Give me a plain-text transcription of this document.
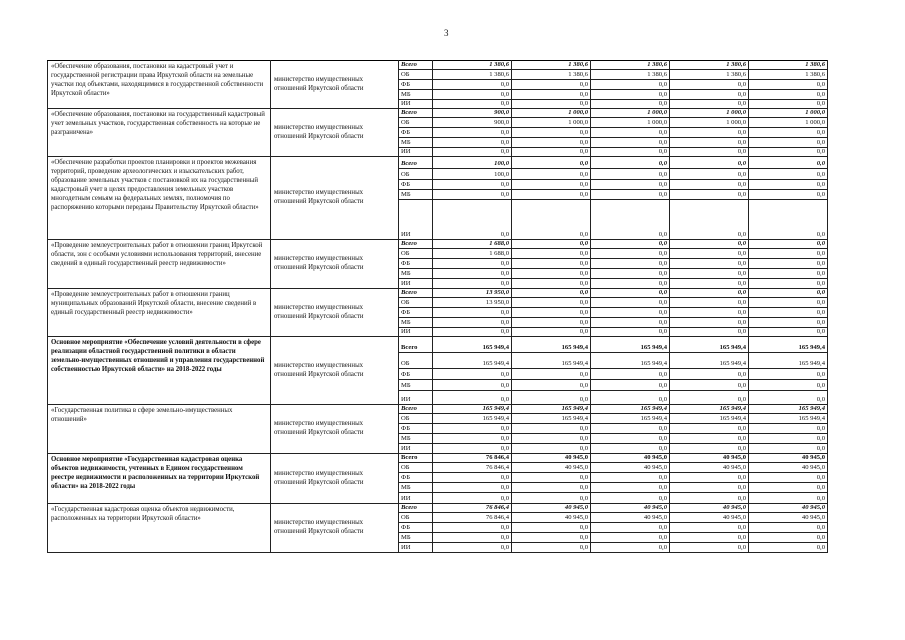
3
«Обеспечение образования, постановки на кадастровый учет и государственной регистрации права Иркутской области на земельные участки под объектами, находящимися в государственной собственности Иркутской области»	министерство имущественных отношений Иркутской области	Всего	1 380,6	1 380,6	1 380,6	1 380,6	1 380,6
		ОБ	1 380,6	1 380,6	1 380,6	1 380,6	1 380,6
		ФБ	0,0	0,0	0,0	0,0	0,0
		МБ	0,0	0,0	0,0	0,0	0,0
		ИИ	0,0	0,0	0,0	0,0	0,0
«Обеспечение образования, постановки на государственный кадастровый учет земельных участков, государственная собственность на которые не разграничена»	министерство имущественных отношений Иркутской области	Всего	900,0	1 000,0	1 000,0	1 000,0	1 000,0
		ОБ	900,0	1 000,0	1 000,0	1 000,0	1 000,0
		ФБ	0,0	0,0	0,0	0,0	0,0
		МБ	0,0	0,0	0,0	0,0	0,0
		ИИ	0,0	0,0	0,0	0,0	0,0
«Обеспечение разработки проектов планировки и проектов межевания территорий, проведение археологических и изыскательских работ, образование земельных участков с постановкой их на государственный кадастровый учет в целях предоставления земельных участков многодетным семьям на федеральных землях, полномочия по распоряжению которыми переданы Правительству Иркутской области»	министерство имущественных отношений Иркутской области	Всего	100,0	0,0	0,0	0,0	0,0
		ОБ	100,0	0,0	0,0	0,0	0,0
		ФБ	0,0	0,0	0,0	0,0	0,0
		МБ	0,0	0,0	0,0	0,0	0,0
		ИИ	0,0	0,0	0,0	0,0	0,0
«Проведение землеустроительных работ в отношении границ Иркутской области, зон с особыми условиями использования территорий, внесение сведений в единый государственный реестр недвижимости»	министерство имущественных отношений Иркутской области	Всего	1 688,0	0,0	0,0	0,0	0,0
		ОБ	1 688,0	0,0	0,0	0,0	0,0
		ФБ	0,0	0,0	0,0	0,0	0,0
		МБ	0,0	0,0	0,0	0,0	0,0
		ИИ	0,0	0,0	0,0	0,0	0,0
«Проведение землеустроительных работ в отношении границ муниципальных образований Иркутской области, внесение сведений в единый государственный реестр недвижимости»	министерство имущественных отношений Иркутской области	Всего	13 950,0	0,0	0,0	0,0	0,0
		ОБ	13 950,0	0,0	0,0	0,0	0,0
		ФБ	0,0	0,0	0,0	0,0	0,0
		МБ	0,0	0,0	0,0	0,0	0,0
		ИИ	0,0	0,0	0,0	0,0	0,0
Основное мероприятие «Обеспечение условий деятельности в сфере реализации областной государственной политики в области земельно-имущественных отношений и управления государственной собственностью Иркутской области» на 2018-2022 годы	министерство имущественных отношений Иркутской области	Всего	165 949,4	165 949,4	165 949,4	165 949,4	165 949,4
		ОБ	165 949,4	165 949,4	165 949,4	165 949,4	165 949,4
		ФБ	0,0	0,0	0,0	0,0	0,0
		МБ	0,0	0,0	0,0	0,0	0,0
		ИИ	0,0	0,0	0,0	0,0	0,0
«Государственная политика в сфере земельно-имущественных отношений»	министерство имущественных отношений Иркутской области	Всего	165 949,4	165 949,4	165 949,4	165 949,4	165 949,4
		ОБ	165 949,4	165 949,4	165 949,4	165 949,4	165 949,4
		ФБ	0,0	0,0	0,0	0,0	0,0
		МБ	0,0	0,0	0,0	0,0	0,0
		ИИ	0,0	0,0	0,0	0,0	0,0
Основное мероприятие «Государственная кадастровая оценка объектов недвижимости, учтенных в Едином государственном реестре недвижимости и расположенных на территории Иркутской области» на 2018-2022 годы	министерство имущественных отношений Иркутской области	Всего	76 846,4	40 945,0	40 945,0	40 945,0	40 945,0
		ОБ	76 846,4	40 945,0	40 945,0	40 945,0	40 945,0
		ФБ	0,0	0,0	0,0	0,0	0,0
		МБ	0,0	0,0	0,0	0,0	0,0
		ИИ	0,0	0,0	0,0	0,0	0,0
«Государственная кадастровая оценка объектов недвижимости, расположенных на территории Иркутской области»	министерство имущественных отношений Иркутской области	Всего	76 846,4	40 945,0	40 945,0	40 945,0	40 945,0
		ОБ	76 846,4	40 945,0	40 945,0	40 945,0	40 945,0
		ФБ	0,0	0,0	0,0	0,0	0,0
		МБ	0,0	0,0	0,0	0,0	0,0
		ИИ	0,0	0,0	0,0	0,0	0,0
